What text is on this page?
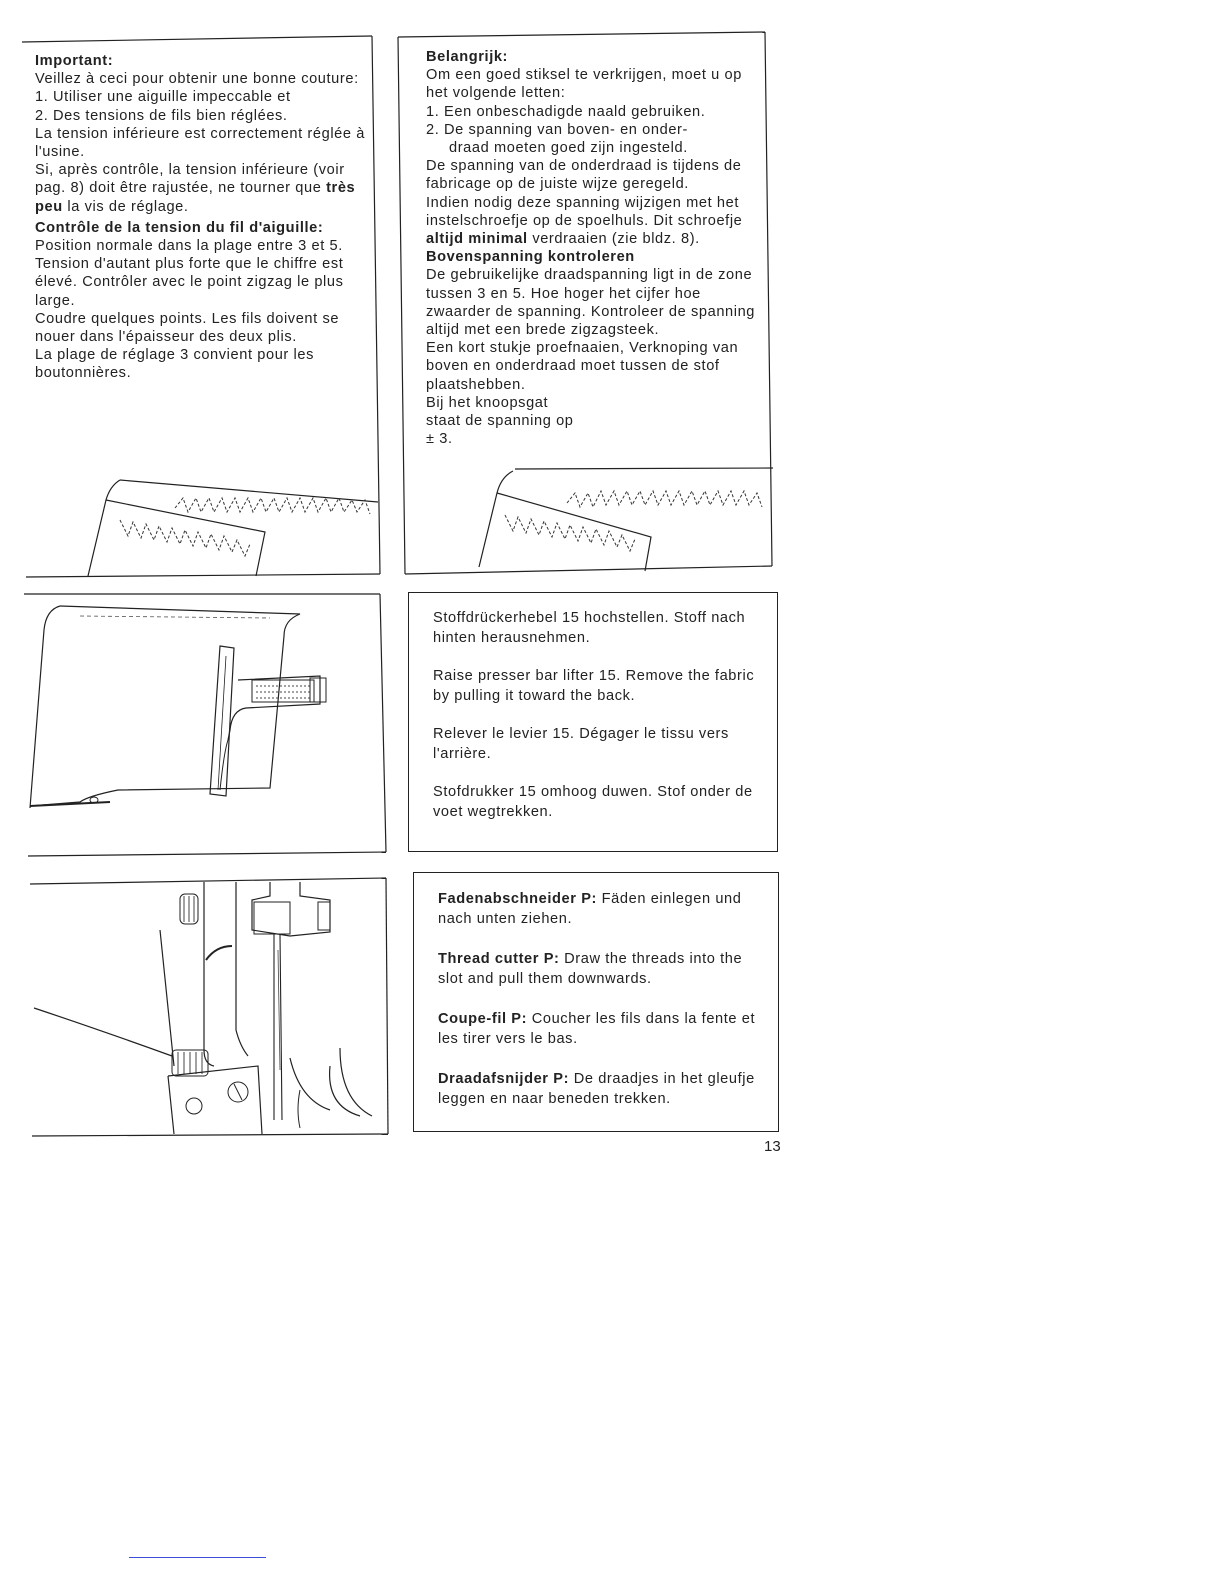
Important:

Veillez à ceci pour obtenir une bonne couture:

1. Utiliser une aiguille impeccable et

2. Des tensions de fils bien réglées.

La tension inférieure est correctement réglée à l'usine.

Si, après contrôle, la tension inférieure (voir pag. 8) doit être rajustée, ne tourner que très peu la vis de réglage.

Contrôle de la tension du fil d'aiguille:

Position normale dans la plage entre 3 et 5. Tension d'autant plus forte que le chiffre est élevé. Contrôler avec le point zigzag le plus large.

Coudre quelques points. Les fils doivent se nouer dans l'épaisseur des deux plis.

La plage de réglage 3 convient pour les boutonnières.

Belangrijk:

Om een goed stiksel te verkrijgen, moet u op het volgende letten:

1. Een onbeschadigde naald gebruiken.

2. De spanning van boven- en onder-

draad moeten goed zijn ingesteld.

De spanning van de onderdraad is tijdens de fabricage op de juiste wijze geregeld.

Indien nodig deze spanning wijzigen met het instelschroefje op de spoelhuls. Dit schroefje altijd minimal verdraaien (zie bldz. 8).

Bovenspanning kontroleren

De gebruikelijke draadspanning ligt in de zone tussen 3 en 5. Hoe hoger het cijfer hoe zwaarder de spanning. Kontroleer de spanning altijd met een brede zigzagsteek.

Een kort stukje proefnaaien, Verknoping van boven en onderdraad moet tussen de stof plaatshebben.

Bij het knoopsgat staat de spanning op ± 3.

Stoffdrückerhebel 15 hochstellen. Stoff nach hinten herausnehmen.

Raise presser bar lifter 15. Remove the fabric by pulling it toward the back.

Relever le levier 15. Dégager le tissu vers l'arrière.

Stofdrukker 15 omhoog duwen. Stof onder de voet wegtrekken.

Fadenabschneider P: Fäden einlegen und nach unten ziehen.

Thread cutter P: Draw the threads into the slot and pull them downwards.

Coupe-fil P: Coucher les fils dans la fente et les tirer vers le bas.

Draadafsnijder P: De draadjes in het gleufje leggen en naar beneden trekken.

13
